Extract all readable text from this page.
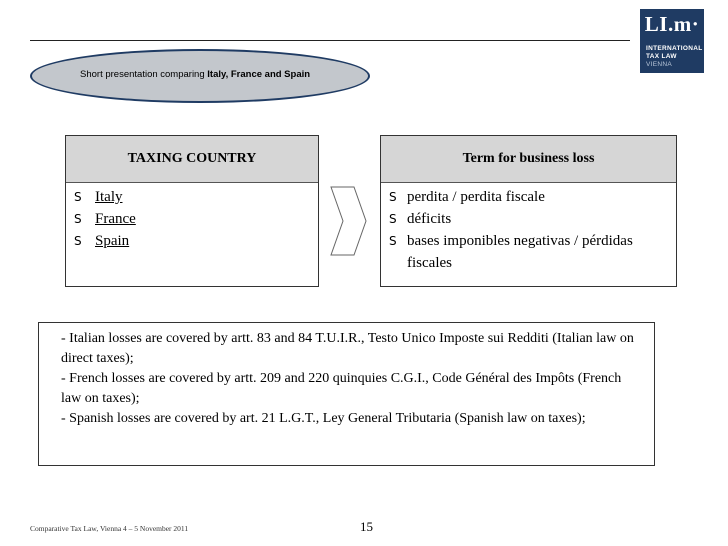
LI.m·
INTERNATIONAL
TAX LAW
VIENNA
Short presentation comparing Italy, France and Spain
TAXING COUNTRY
S Italy
S France
S Spain
Term for business loss
S perdita / perdita fiscale
S déficits
S bases imponibles negativas / pérdidas fiscales

- Italian losses are covered by artt. 83 and 84 T.U.I.R., Testo Unico Imposte sui Redditi (Italian law on direct taxes);

- French losses are covered by artt. 209 and 220 quinquies C.G.I., Code Général des Impôts (French law on taxes);

- Spanish losses are covered by art. 21 L.G.T., Ley General Tributaria (Spanish law on taxes);

Comparative Tax Law, Vienna 4 – 5 November 2011	15
